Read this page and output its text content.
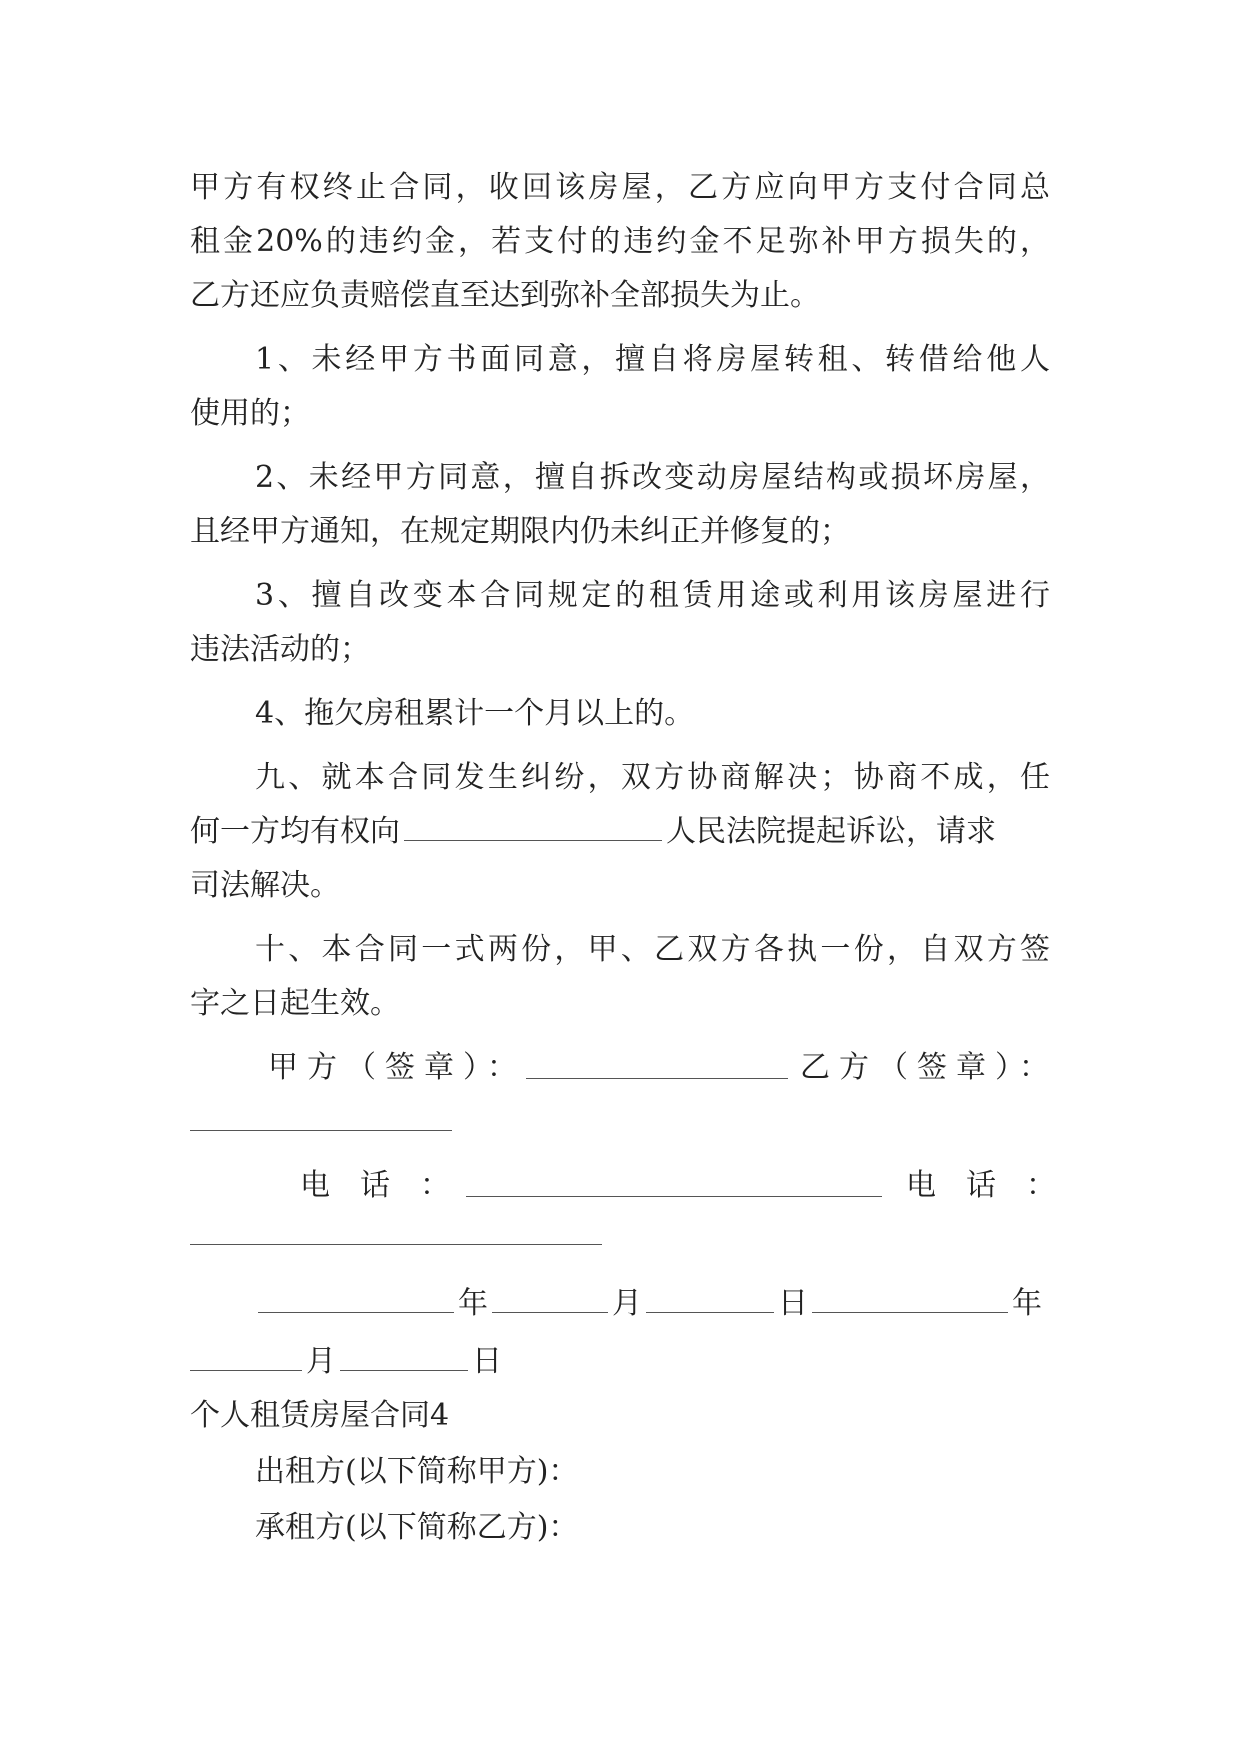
甲方有权终止合同，收回该房屋，乙方应向甲方支付合同总
租金20%的违约金，若支付的违约金不足弥补甲方损失的，
乙方还应负责赔偿直至达到弥补全部损失为止。
1、未经甲方书面同意，擅自将房屋转租、转借给他人
使用的；
2、未经甲方同意，擅自拆改变动房屋结构或损坏房屋，
且经甲方通知，在规定期限内仍未纠正并修复的；
3、擅自改变本合同规定的租赁用途或利用该房屋进行
违法活动的；
4、拖欠房租累计一个月以上的。
九、就本合同发生纠纷，双方协商解决；协商不成，任
何一方均有权向	人民法院提起诉讼，请求
司法解决。
十、本合同一式两份，甲、乙双方各执一份，自双方签
字之日起生效。
甲方（签章）：	乙方（签章）：
电话：	电话：
年	月	日	年
月	日
个人租赁房屋合同4
出租方(以下简称甲方)：
承租方(以下简称乙方)：
